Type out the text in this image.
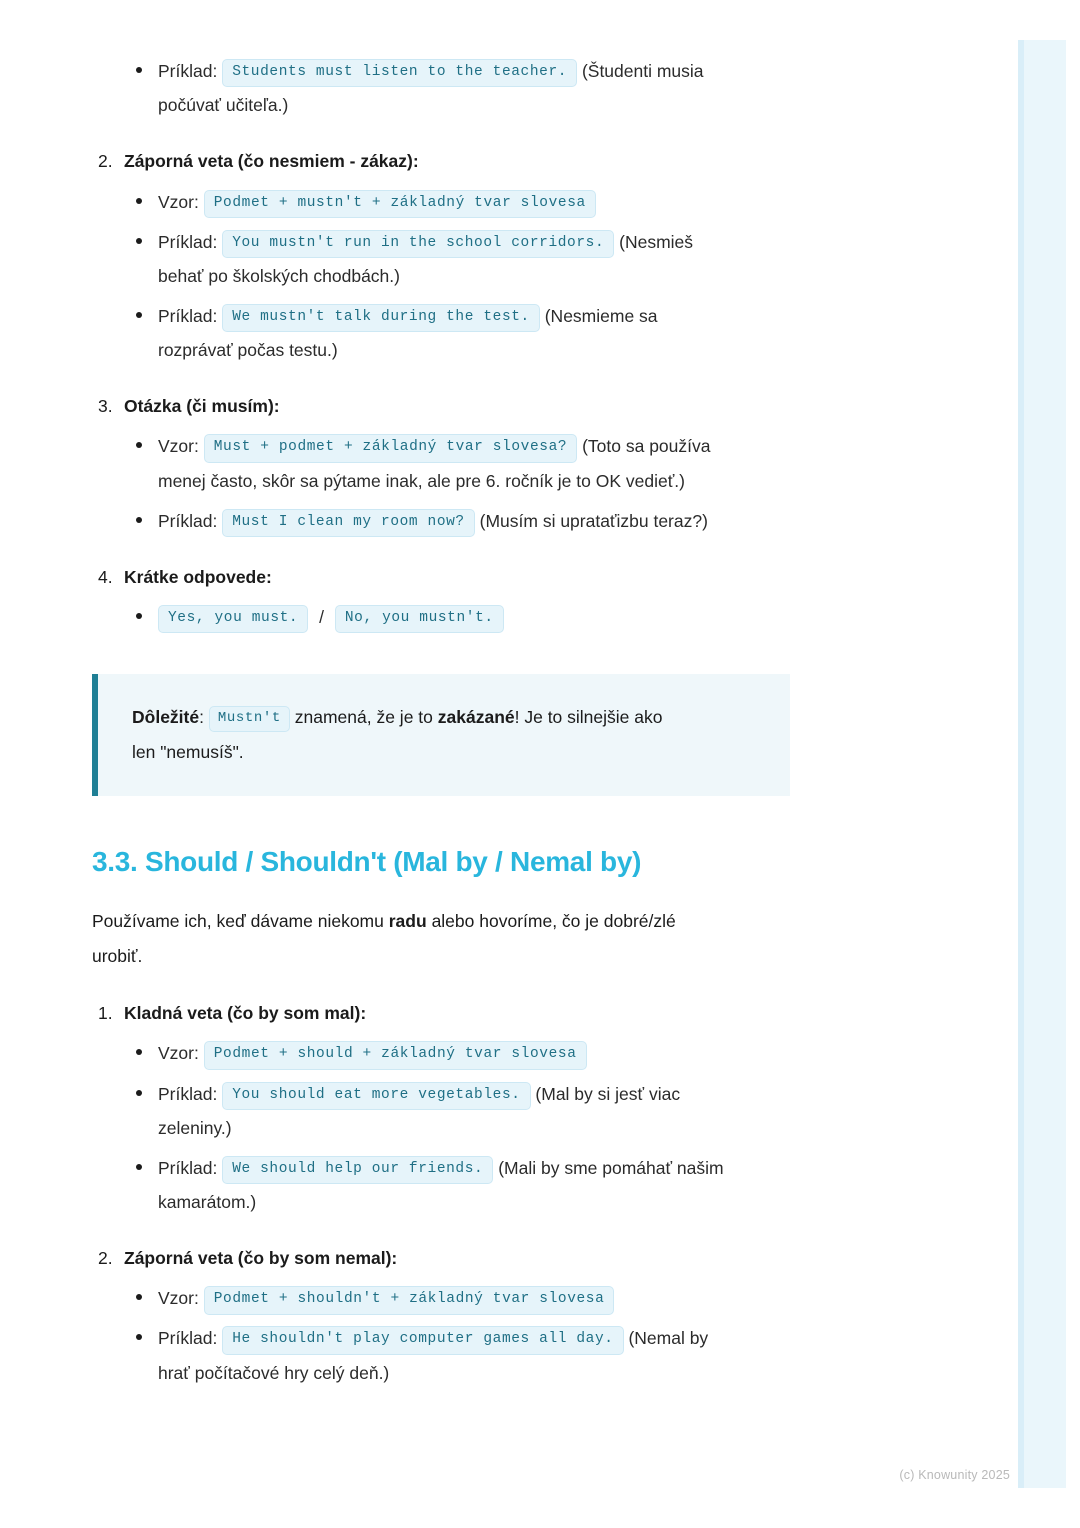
Príklad: Students must listen to the teacher. (Študenti musia
počúvať učiteľa.)
2. Záporná veta (čo nesmiem - zákaz):
Vzor: Podmet + mustn't + základný tvar slovesa
Príklad: You mustn't run in the school corridors. (Nesmieš
behať po školských chodbách.)
Príklad: We mustn't talk during the test. (Nesmieme sa
rozprávať počas testu.)
3. Otázka (či musím):
Vzor: Must + podmet + základný tvar slovesa? (Toto sa používa
menej často, skôr sa pýtame inak, ale pre 6. ročník je to OK vedieť.)
Príklad: Must I clean my room now? (Musím si uprataťizbu teraz?)
4. Krátke odpovede:
Yes, you must. / No, you mustn't.
Dôležité: Mustn't znamená, že je to zakázané! Je to silnejšie ako
len "nemusíš".
3.3. Should / Shouldn't (Mal by / Nemal by)

Používame ich, keď dávame niekomu radu alebo hovoríme, čo je dobré/zlé
urobiť.

1. Kladná veta (čo by som mal):
Vzor: Podmet + should + základný tvar slovesa
Príklad: You should eat more vegetables. (Mal by si jesť viac
zeleniny.)
Príklad: We should help our friends. (Mali by sme pomáhať našim
kamarátom.)
2. Záporná veta (čo by som nemal):
Vzor: Podmet + shouldn't + základný tvar slovesa
Príklad: He shouldn't play computer games all day. (Nemal by
hrať počítačové hry celý deň.)
(c) Knowunity 2025
